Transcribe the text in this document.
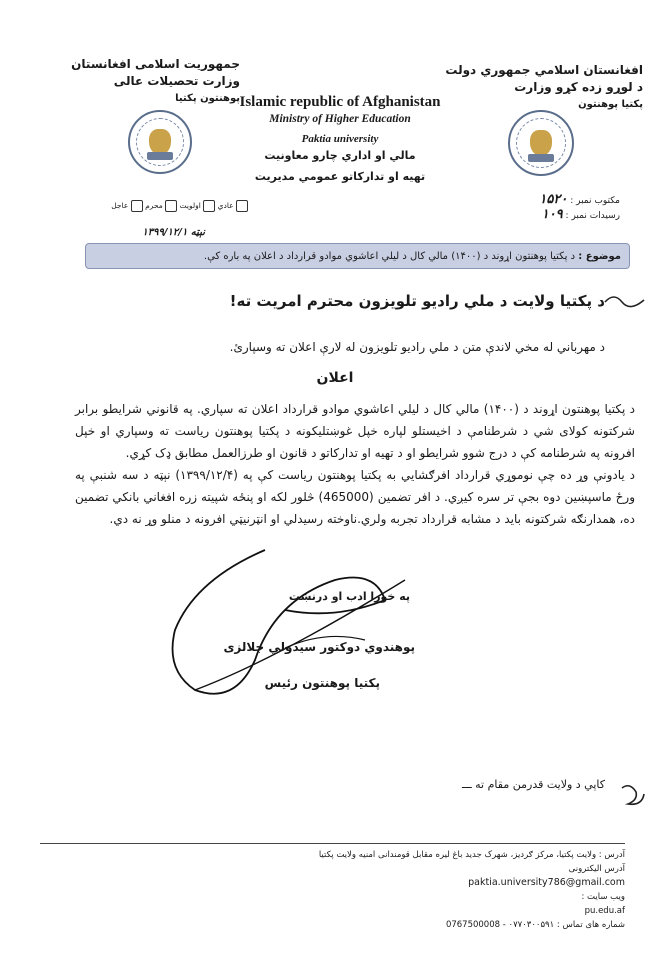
افغانستان اسلامي جمهوري دولت
د لوړو زده کړو وزارت
پکتیا پوهنتون
جمهوریت اسلامی افغانستان
وزارت تحصیلات عالی
پوهنتون پکتیا Islamic republic of Afghanistan
Ministry of Higher Education
Paktia university
مالي او اداري چارو معاونيت
تهيه او تدارکاتو عمومي مديريت
مکتوب نمبر : ۱۵۲۰
رسيدات نمبر : ۱۰۹
عادي  اولويت  محرم  عاجل
نېټه ۱۳۹۹/۱۲/۱
موضوع : د پکتیا پوهنتون اړوند د (۱۴۰۰) مالي کال د ليلي اعاشوي موادو قرارداد د اعلان په باره کې.
د پکتیا ولایت د ملي راديو تلويزون محترم امريت ته!
د مهرباني له مخي لاندې متن د ملي راديو تلويزون له لارې اعلان ته وسپارئ.
اعلان
د پکتیا پوهنتون اړوند د (۱۴۰۰) مالي کال د ليلي اعاشوي موادو قرارداد اعلان ته سپاري. په قانوني شرايطو برابر شرکتونه کولای شي د شرطنامې د اخيستلو لپاره خپل غوښتليکونه د پکتیا پوهنتون رياست ته وسپاري او خپل افرونه په شرطنامه کې د درج شوو شرايطو او د تهيه او تدارکاتو د قانون او طرزالعمل مطابق ډک کړي.
د يادونې وړ ده چې نوموړي قرارداد افرګشايي به پکتیا پوهنتون رياست کې په (۱۳۹۹/۱۲/۴) نېټه د سه شنبې په ورځ ماسپښين دوه بجې تر سره کيږي. د افر تضمين (465000) څلور لکه او پنځه شپيته زره افغاني بانکي تضمين ده، همدارنګه شرکتونه بايد د مشابه قرارداد تجربه ولري.ناوخته رسيدلي او انټرنيټي افرونه د منلو وړ نه دي.
په خورا ادب او درنښت
پوهندوي دوکتور سيدولي جلالزی
پکتیا پوهنتون رئيس
کاپي د ولايت قدرمن مقام ته ـــ
آدرس : ولايت پکتيا، مرکز ګرديز، شهرک جديد باغ ليره مقابل قومندانی امنيه ولايت پکتيا
آدرس اليکترونی
paktia.university786@gmail.com
ويب سايت :
pu.edu.af
شماره های تماس : 0767500008 - ۰۷۷۰۳۰۰۵۹۱
